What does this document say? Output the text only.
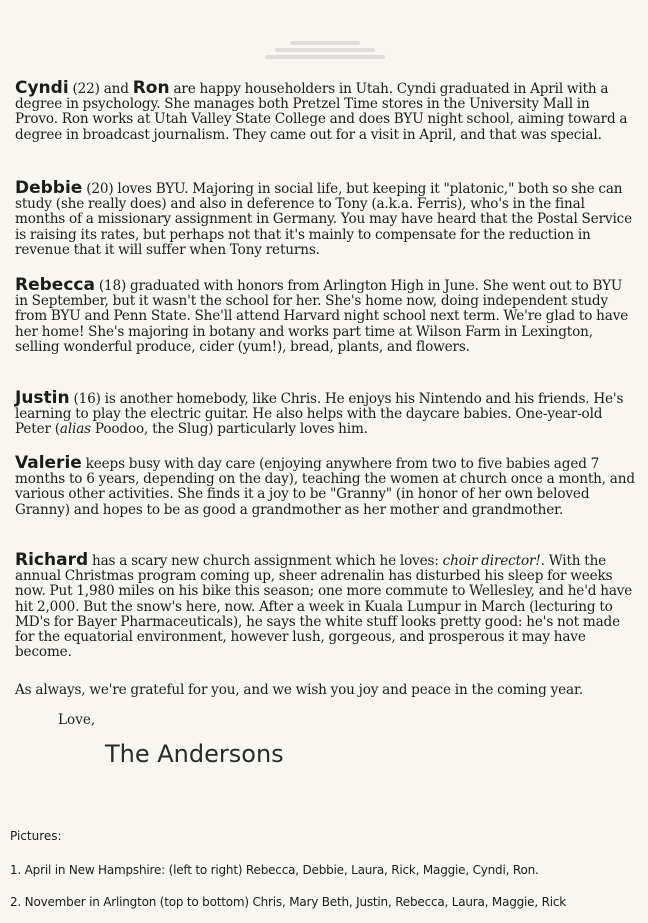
Cyndi (22) and Ron are happy householders in Utah. Cyndi graduated in April with a degree in psychology. She manages both Pretzel Time stores in the University Mall in Provo. Ron works at Utah Valley State College and does BYU night school, aiming toward a degree in broadcast journalism. They came out for a visit in April, and that was special.
Debbie (20) loves BYU. Majoring in social life, but keeping it "platonic," both so she can study (she really does) and also in deference to Tony (a.k.a. Ferris), who's in the final months of a missionary assignment in Germany. You may have heard that the Postal Service is raising its rates, but perhaps not that it's mainly to compensate for the reduction in revenue that it will suffer when Tony returns.
Rebecca (18) graduated with honors from Arlington High in June. She went out to BYU in September, but it wasn't the school for her. She's home now, doing independent study from BYU and Penn State. She'll attend Harvard night school next term. We're glad to have her home! She's majoring in botany and works part time at Wilson Farm in Lexington, selling wonderful produce, cider (yum!), bread, plants, and flowers.
Justin (16) is another homebody, like Chris. He enjoys his Nintendo and his friends. He's learning to play the electric guitar. He also helps with the daycare babies. One-year-old Peter (alias Poodoo, the Slug) particularly loves him.
Valerie keeps busy with day care (enjoying anywhere from two to five babies aged 7 months to 6 years, depending on the day), teaching the women at church once a month, and various other activities. She finds it a joy to be "Granny" (in honor of her own beloved Granny) and hopes to be as good a grandmother as her mother and grandmother.
Richard has a scary new church assignment which he loves: choir director!. With the annual Christmas program coming up, sheer adrenalin has disturbed his sleep for weeks now. Put 1,980 miles on his bike this season; one more commute to Wellesley, and he'd have hit 2,000. But the snow's here, now. After a week in Kuala Lumpur in March (lecturing to MD's for Bayer Pharmaceuticals), he says the white stuff looks pretty good: he's not made for the equatorial environment, however lush, gorgeous, and prosperous it may have become.
As always, we're grateful for you, and we wish you joy and peace in the coming year.
Love,
The Andersons
Pictures:
1. April in New Hampshire: (left to right) Rebecca, Debbie, Laura, Rick, Maggie, Cyndi, Ron.
2. November in Arlington (top to bottom) Chris, Mary Beth, Justin, Rebecca, Laura, Maggie, Rick
